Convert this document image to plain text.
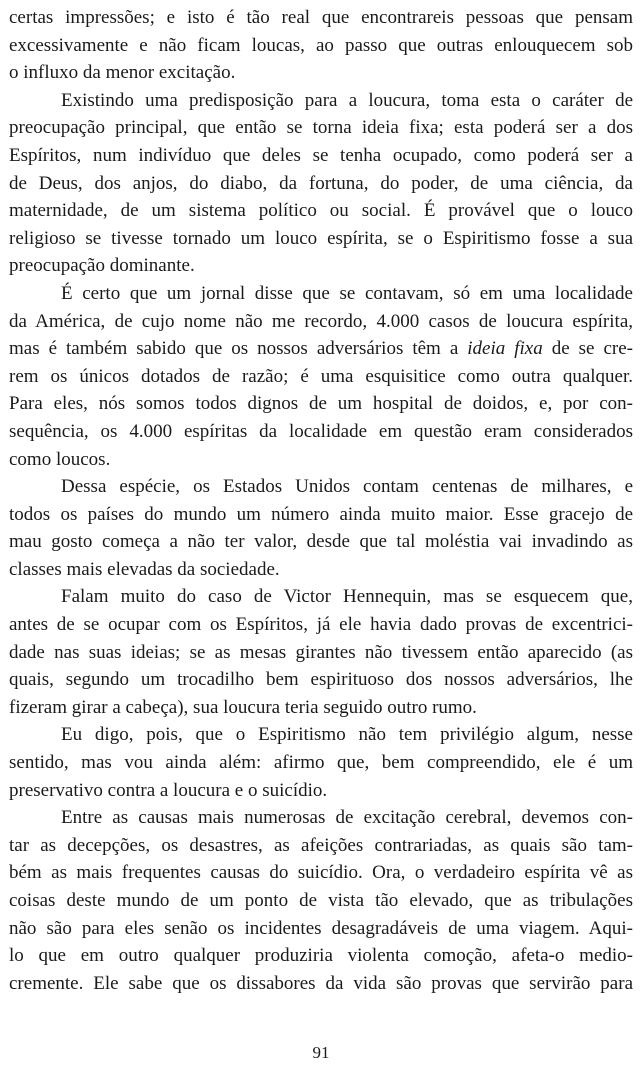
certas impressões; e isto é tão real que encontrareis pessoas que pensam
excessivamente e não ficam loucas, ao passo que outras enlouquecem sob
o influxo da menor excitação.
Existindo uma predisposição para a loucura, toma esta o caráter de
preocupação principal, que então se torna ideia fixa; esta poderá ser a dos
Espíritos, num indivíduo que deles se tenha ocupado, como poderá ser a
de Deus, dos anjos, do diabo, da fortuna, do poder, de uma ciência, da
maternidade, de um sistema político ou social. É provável que o louco
religioso se tivesse tornado um louco espírita, se o Espiritismo fosse a sua
preocupação dominante.
É certo que um jornal disse que se contavam, só em uma localidade
da América, de cujo nome não me recordo, 4.000 casos de loucura espírita,
mas é também sabido que os nossos adversários têm a ideia fixa de se cre-
rem os únicos dotados de razão; é uma esquisitice como outra qualquer.
Para eles, nós somos todos dignos de um hospital de doidos, e, por con-
sequência, os 4.000 espíritas da localidade em questão eram considerados
como loucos.
Dessa espécie, os Estados Unidos contam centenas de milhares, e
todos os países do mundo um número ainda muito maior. Esse gracejo de
mau gosto começa a não ter valor, desde que tal moléstia vai invadindo as
classes mais elevadas da sociedade.
Falam muito do caso de Victor Hennequin, mas se esquecem que,
antes de se ocupar com os Espíritos, já ele havia dado provas de excentrici-
dade nas suas ideias; se as mesas girantes não tivessem então aparecido (as
quais, segundo um trocadilho bem espirituoso dos nossos adversários, lhe
fizeram girar a cabeça), sua loucura teria seguido outro rumo.
Eu digo, pois, que o Espiritismo não tem privilégio algum, nesse
sentido, mas vou ainda além: afirmo que, bem compreendido, ele é um
preservativo contra a loucura e o suicídio.
Entre as causas mais numerosas de excitação cerebral, devemos con-
tar as decepções, os desastres, as afeições contrariadas, as quais são tam-
bém as mais frequentes causas do suicídio. Ora, o verdadeiro espírita vê as
coisas deste mundo de um ponto de vista tão elevado, que as tribulações
não são para eles senão os incidentes desagradáveis de uma viagem. Aqui-
lo que em outro qualquer produziria violenta comoção, afeta-o medio-
cremente. Ele sabe que os dissabores da vida são provas que servirão para
91
